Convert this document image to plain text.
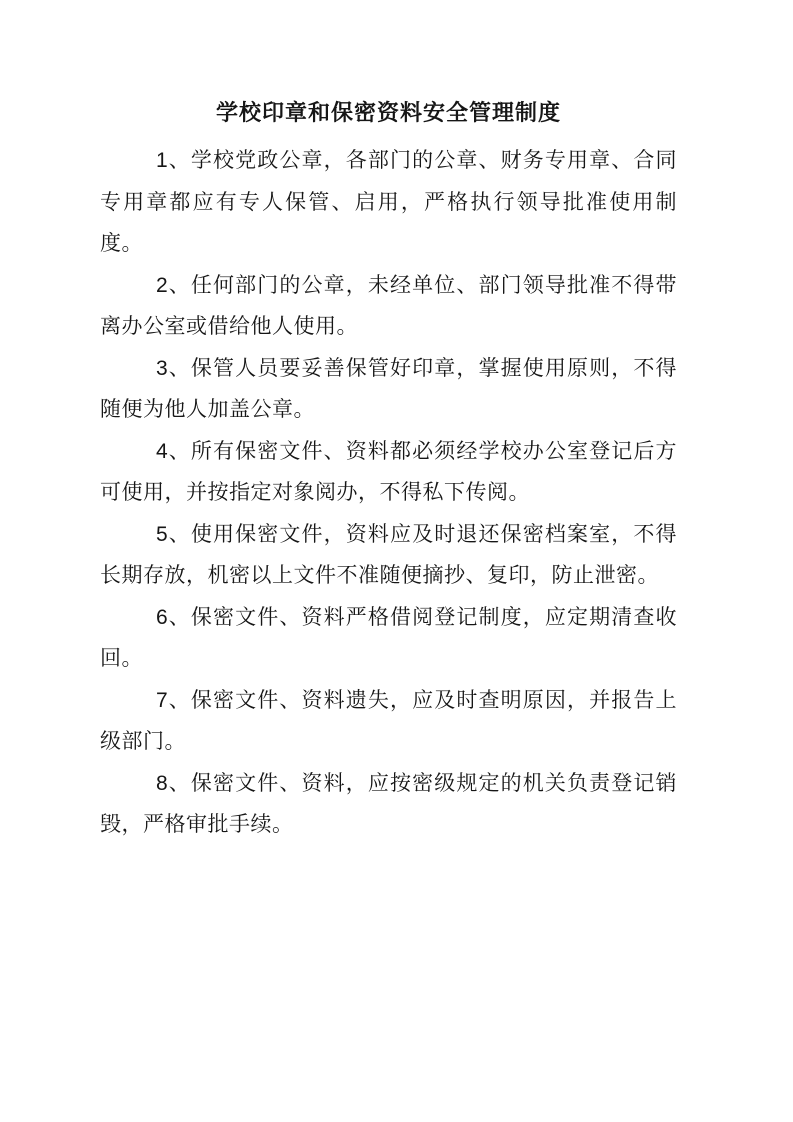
学校印章和保密资料安全管理制度

1、学校党政公章，各部门的公章、财务专用章、合同专用章都应有专人保管、启用，严格执行领导批准使用制度。

2、任何部门的公章，未经单位、部门领导批准不得带离办公室或借给他人使用。

3、保管人员要妥善保管好印章，掌握使用原则，不得随便为他人加盖公章。

4、所有保密文件、资料都必须经学校办公室登记后方可使用，并按指定对象阅办，不得私下传阅。

5、使用保密文件，资料应及时退还保密档案室，不得长期存放，机密以上文件不准随便摘抄、复印，防止泄密。

6、保密文件、资料严格借阅登记制度，应定期清查收回。

7、保密文件、资料遗失，应及时查明原因，并报告上级部门。

8、保密文件、资料，应按密级规定的机关负责登记销毁，严格审批手续。
